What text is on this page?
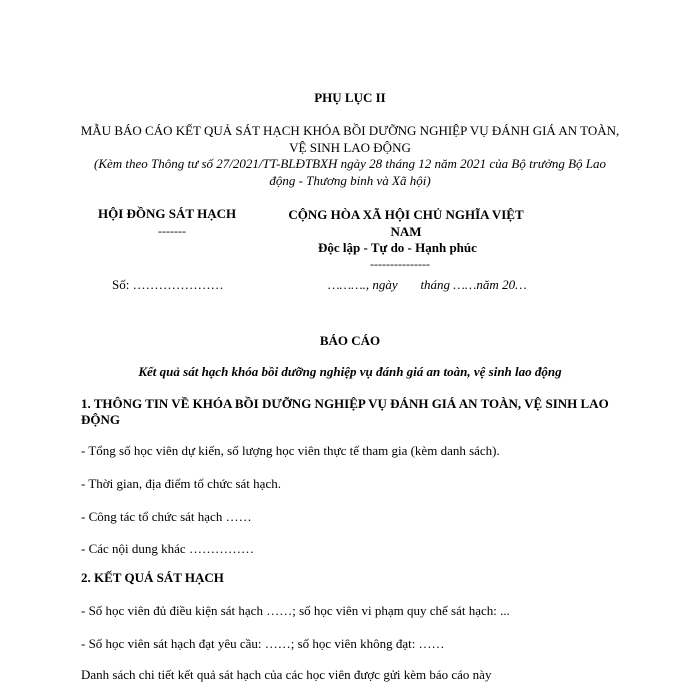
PHỤ LỤC II
MẪU BÁO CÁO KẾT QUẢ SÁT HẠCH KHÓA BỒI DƯỠNG NGHIỆP VỤ ĐÁNH GIÁ AN TOÀN, VỆ SINH LAO ĐỘNG
(Kèm theo Thông tư số 27/2021/TT-BLĐTBXH ngày 28 tháng 12 năm 2021 của Bộ trưởng Bộ Lao động - Thương binh và Xã hội)
HỘI ĐỒNG SÁT HẠCH
-------
CỘNG HÒA XÃ HỘI CHỦ NGHĨA VIỆT NAM
Độc lập - Tự do - Hạnh phúc
---------------
Số: …………………	………., ngày       tháng ……năm 20…
BÁO CÁO
Kết quả sát hạch khóa bồi dưỡng nghiệp vụ đánh giá an toàn, vệ sinh lao động
1. THÔNG TIN VỀ KHÓA BỒI DƯỠNG NGHIỆP VỤ ĐÁNH GIÁ AN TOÀN, VỆ SINH LAO ĐỘNG
- Tổng số học viên dự kiến, số lượng học viên thực tế tham gia (kèm danh sách).
- Thời gian, địa điểm tổ chức sát hạch.
- Công tác tổ chức sát hạch ……
- Các nội dung khác ……………
2. KẾT QUẢ SÁT HẠCH
- Số học viên đủ điều kiện sát hạch ……; số học viên vi phạm quy chế sát hạch: ...
- Số học viên sát hạch đạt yêu cầu: ……; số học viên không đạt: ……
Danh sách chi tiết kết quả sát hạch của các học viên được gửi kèm báo cáo này
